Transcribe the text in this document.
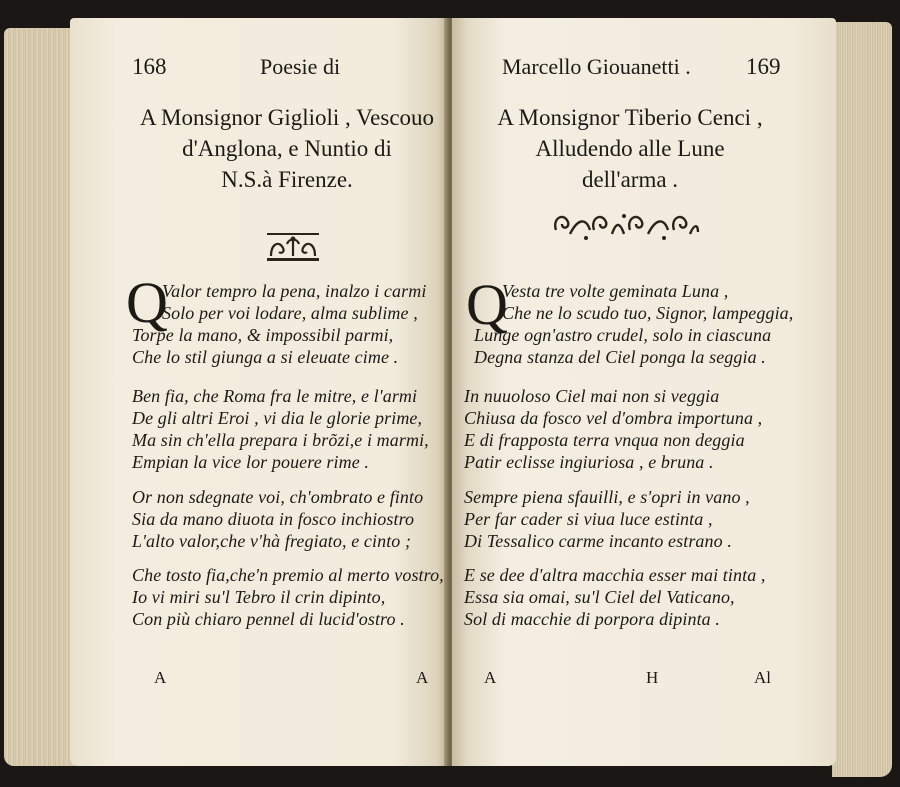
168	Poesie di
A Monsignor Giglioli , Vescouo
d'Anglona, e Nuntio di
N.S.à Firenze.
Q
Valor tempro la pena, inalzo i carmi
Solo per voi lodare, alma sublime ,
Torpe la mano, & impossibil parmi,
Che lo stil giunga a si eleuate cime .
Ben fia, che Roma fra le mitre, e l'armi
De gli altri Eroi , vi dia le glorie prime,
Ma sin ch'ella prepara i brõzi,e i marmi,
Empian la vice lor pouere rime .
Or non sdegnate voi, ch'ombrato e finto
Sia da mano diuota in fosco inchiostro
L'alto valor,che v'hà fregiato, e cinto ;
Che tosto fia,che'n premio al merto vostro,
Io vi miri su'l Tebro il crin dipinto,
Con più chiaro pennel di lucid'ostro .
A	A
Marcello Giouanetti . 169
A Monsignor Tiberio Cenci ,
Alludendo alle Lune
dell'arma .
Q
Vesta tre volte geminata Luna ,
Che ne lo scudo tuo, Signor, lampeggia,
Lunge ogn'astro crudel, solo in ciascuna
Degna stanza del Ciel ponga la seggia .
In nuuoloso Ciel mai non si veggia
Chiusa da fosco vel d'ombra importuna ,
E di frapposta terra vnqua non deggia
Patir eclisse ingiuriosa , e bruna .
Sempre piena sfauilli, e s'opri in vano ,
Per far cader si viua luce estinta ,
Di Tessalico carme incanto estrano .
E se dee d'altra macchia esser mai tinta ,
Essa sia omai, su'l Ciel del Vaticano,
Sol di macchie di porpora dipinta .
A	H	Al
